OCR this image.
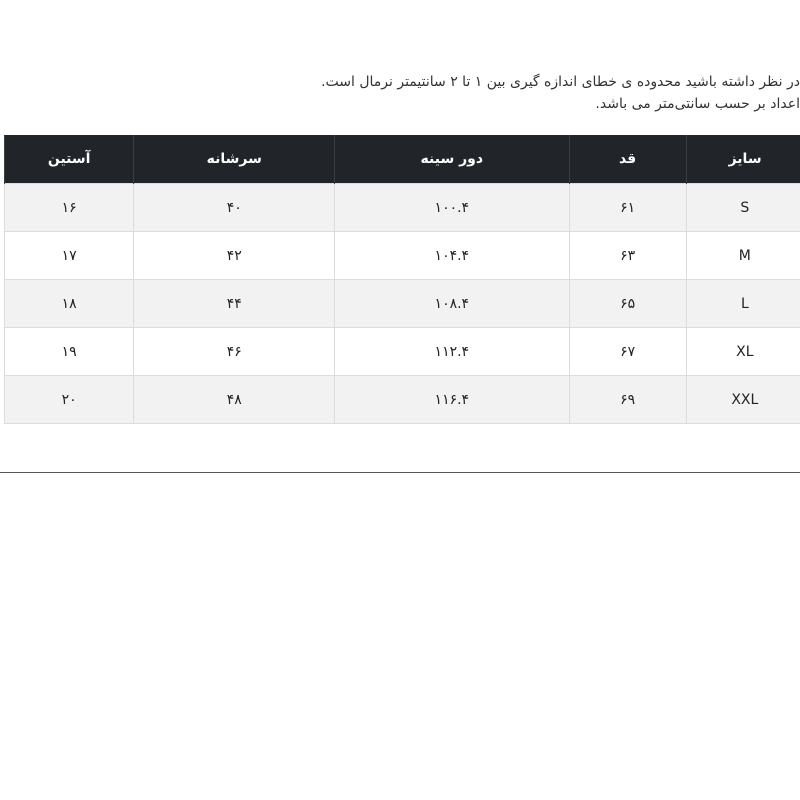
در نظر داشته باشید محدوده ی خطای اندازه گیری بین ۱ تا ۲ سانتیمتر نرمال است.
اعداد بر حسب سانتی‌متر می باشد.
سایز	قد	دور سینه	سرشانه	آستین
S	۶۱	۱۰۰.۴	۴۰	۱۶
M	۶۳	۱۰۴.۴	۴۲	۱۷
L	۶۵	۱۰۸.۴	۴۴	۱۸
XL	۶۷	۱۱۲.۴	۴۶	۱۹
XXL	۶۹	۱۱۶.۴	۴۸	۲۰
